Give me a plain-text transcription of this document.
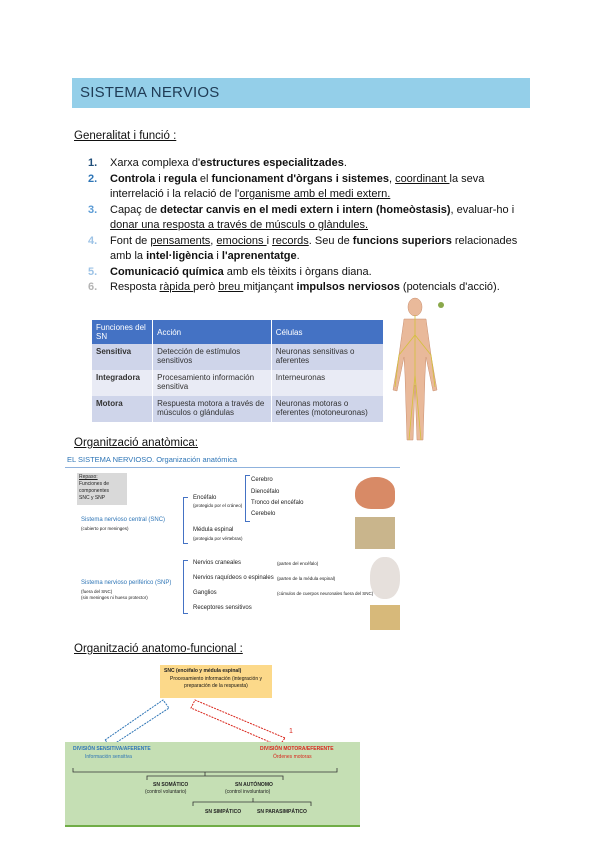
SISTEMA NERVIOS
Generalitat i funció :
1. Xarxa complexa d'estructures especialitzades.
2. Controla i regula el funcionament d'òrgans i sistemes, coordinant la seva interrelació i la relació de l'organisme amb el medi extern.
3. Capaç de detectar canvis en el medi extern i intern (homeòstasis), evaluar-ho i donar una resposta a través de músculs o glàndules.
4. Font de pensaments, emocions i records. Seu de funcions superiors relacionades amb la intel·ligència i l'aprenentatge.
5. Comunicació química amb els tèixits i òrgans diana.
6. Resposta ràpida però breu mitjançant impulsos nerviosos (potencials d'acció).
Funciones del SN	Acción	Células
Sensitiva	Detección de estímulos sensitivos	Neuronas sensitivas o aferentes
Integradora	Procesamiento información sensitiva	Interneuronas
Motora	Respuesta motora a través de músculos o glándulas	Neuronas motoras o eferentes (motoneuronas)
Organització anatòmica:
EL SISTEMA NERVIOSO. Organización anatómica
Repaso:
Funciones de
componentes
SNC y SNP
Sistema nervioso central (SNC)
(cubierto por meninges)
Encéfalo
(protegido por el cráneo)
Cerebro
Diencéfalo
Tronco del encéfalo
Cerebelo
Médula espinal
(protegida por vértebras)
Sistema nervioso periférico (SNP)
(fuera del SNC)
(sin meninges ni hueso protector)
Nervios craneales
Nervios raquídeos o espinales
Ganglios
Receptores sensitivos
(parten del encéfalo)
(parten de la médula espinal)
(cúmulos de cuerpos neuronales fuera del SNC)
Organització anatomo-funcional :
SNC (encéfalo y médula espinal)
Procesamiento información (integración y preparación de la respuesta)
DIVISIÓN SENSITIVA/AFERENTE
Información sensitiva
DIVISIÓN MOTORA/EFERENTE
Órdenes motoras
1
SN SOMÁTICO
(control voluntario)
SN AUTÓNOMO
(control involuntario)
SN SIMPÁTICO	SN PARASIMPÁTICO
